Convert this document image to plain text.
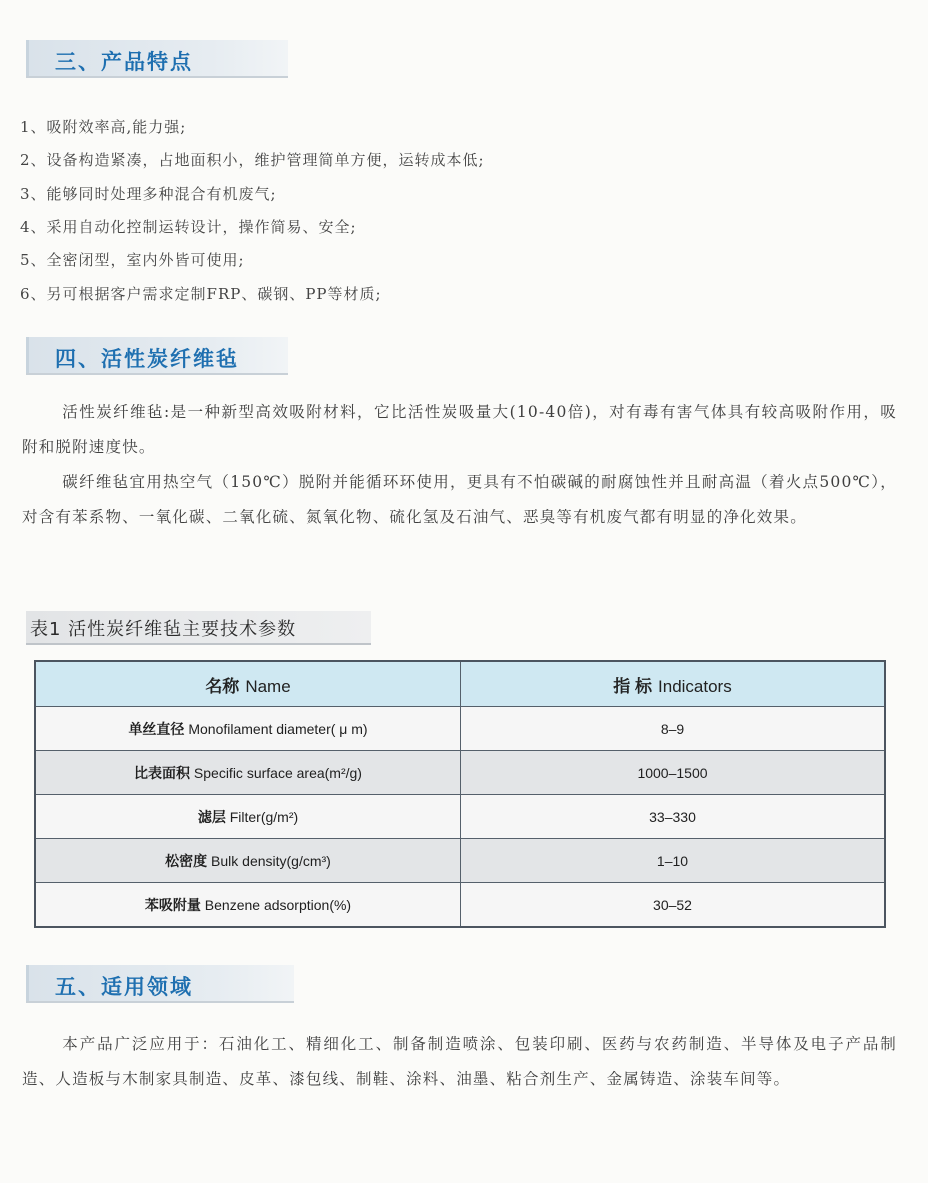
三、产品特点
1、吸附效率高,能力强;
2、设备构造紧凑，占地面积小，维护管理简单方便，运转成本低;
3、能够同时处理多种混合有机废气;
4、采用自动化控制运转设计，操作简易、安全;
5、全密闭型，室内外皆可使用;
6、另可根据客户需求定制FRP、碳钢、PP等材质;
四、活性炭纤维毡

活性炭纤维毡:是一种新型高效吸附材料，它比活性炭吸量大(10-40倍)，对有毒有害气体具有较高吸附作用，吸附和脱附速度快。

碳纤维毡宜用热空气（150℃）脱附并能循环环使用，更具有不怕碳碱的耐腐蚀性并且耐高温（着火点500℃），对含有苯系物、一氧化碳、二氧化硫、氮氧化物、硫化氢及石油气、恶臭等有机废气都有明显的净化效果。

表1 活性炭纤维毡主要技术参数
名称 Name	指 标 Indicators
单丝直径 Monofilament diameter( μ m)	8–9
比表面积 Specific surface area(m²/g)	1000–1500
滤层 Filter(g/m²)	33–330
松密度 Bulk density(g/cm³)	1–10
苯吸附量 Benzene adsorption(%)	30–52
五、适用领域

本产品广泛应用于：石油化工、精细化工、制备制造喷涂、包装印刷、医药与农药制造、半导体及电子产品制造、人造板与木制家具制造、皮革、漆包线、制鞋、涂料、油墨、粘合剂生产、金属铸造、涂装车间等。
